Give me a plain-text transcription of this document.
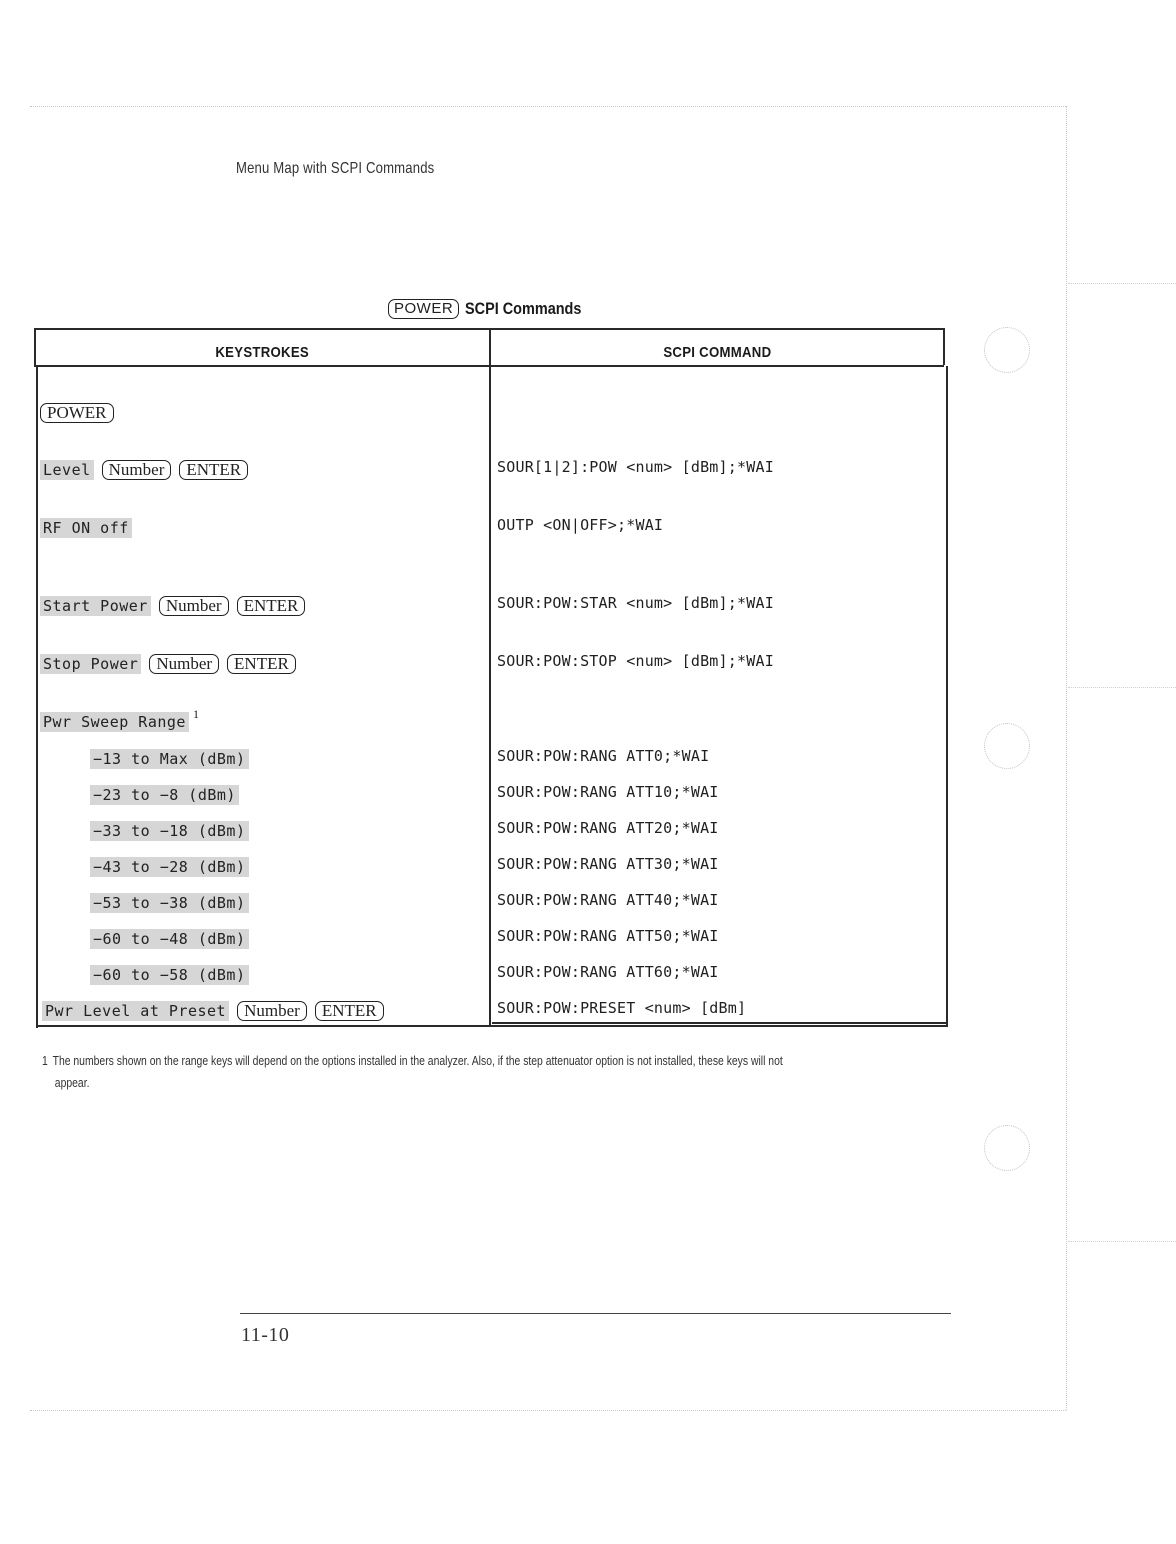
Menu Map with SCPI Commands
POWER SCPI Commands
KEYSTROKES	SCPI COMMAND
POWER
Level	Number	ENTER	SOUR[1|2]:POW <num> [dBm];*WAI
RF ON off	OUTP <ON|OFF>;*WAI
Start Power	Number	ENTER	SOUR:POW:STAR <num> [dBm];*WAI
Stop Power	Number	ENTER	SOUR:POW:STOP <num> [dBm];*WAI
Pwr Sweep Range 1
−13 to Max (dBm)	SOUR:POW:RANG ATT0;*WAI
−23 to −8 (dBm)	SOUR:POW:RANG ATT10;*WAI
−33 to −18 (dBm)	SOUR:POW:RANG ATT20;*WAI
−43 to −28 (dBm)	SOUR:POW:RANG ATT30;*WAI
−53 to −38 (dBm)	SOUR:POW:RANG ATT40;*WAI
−60 to −48 (dBm)	SOUR:POW:RANG ATT50;*WAI
−60 to −58 (dBm)	SOUR:POW:RANG ATT60;*WAI
Pwr Level at Preset	Number	ENTER	SOUR:POW:PRESET <num> [dBm]
1 The numbers shown on the range keys will depend on the options installed in the analyzer. Also, if the step attenuator option is not installed, these keys will not
appear.
11-10
